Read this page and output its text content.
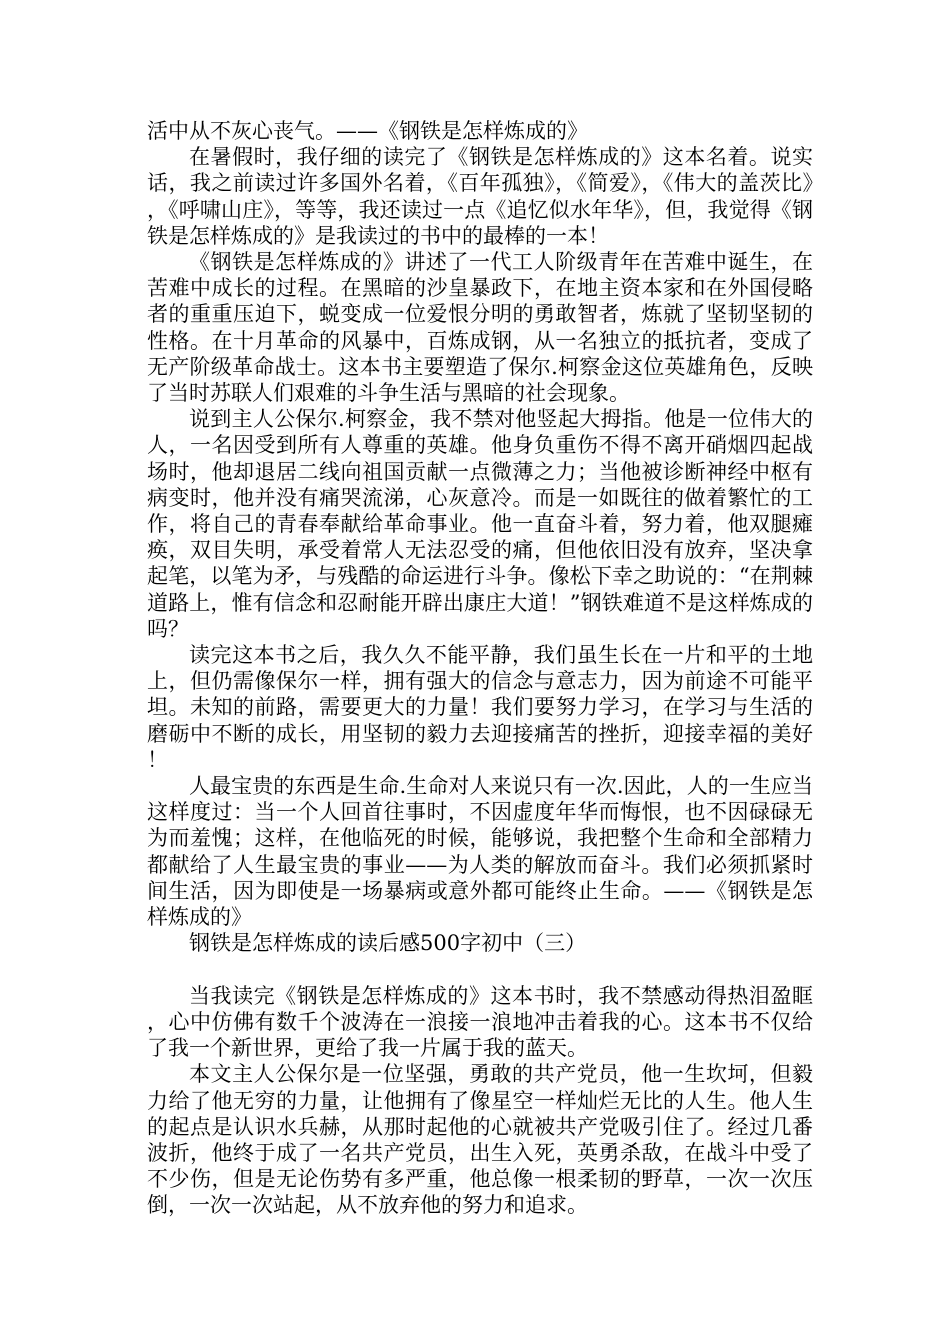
活中从不灰心丧气。——《钢铁是怎样炼成的》

在暑假时，我仔细的读完了《钢铁是怎样炼成的》这本名着。说实话，我之前读过许多国外名着，《百年孤独》，《简爱》，《伟大的盖茨比》，《呼啸山庄》，等等，我还读过一点《追忆似水年华》，但，我觉得《钢铁是怎样炼成的》是我读过的书中的最棒的一本！

《钢铁是怎样炼成的》讲述了一代工人阶级青年在苦难中诞生，在苦难中成长的过程。在黑暗的沙皇暴政下，在地主资本家和在外国侵略者的重重压迫下，蜕变成一位爱恨分明的勇敢智者，炼就了坚韧坚韧的性格。在十月革命的风暴中，百炼成钢，从一名独立的抵抗者，变成了无产阶级革命战士。这本书主要塑造了保尔.柯察金这位英雄角色，反映了当时苏联人们艰难的斗争生活与黑暗的社会现象。

说到主人公保尔.柯察金，我不禁对他竖起大拇指。他是一位伟大的人，一名因受到所有人尊重的英雄。他身负重伤不得不离开硝烟四起战场时，他却退居二线向祖国贡献一点微薄之力；当他被诊断神经中枢有病变时，他并没有痛哭流涕，心灰意冷。而是一如既往的做着繁忙的工作，将自己的青春奉献给革命事业。他一直奋斗着，努力着，他双腿瘫痪，双目失明，承受着常人无法忍受的痛，但他依旧没有放弃，坚决拿起笔，以笔为矛，与残酷的命运进行斗争。像松下幸之助说的：“在荆棘道路上，惟有信念和忍耐能开辟出康庄大道！”钢铁难道不是这样炼成的吗？

读完这本书之后，我久久不能平静，我们虽生长在一片和平的土地上，但仍需像保尔一样，拥有强大的信念与意志力，因为前途不可能平坦。未知的前路，需要更大的力量！我们要努力学习，在学习与生活的磨砺中不断的成长，用坚韧的毅力去迎接痛苦的挫折，迎接幸福的美好！

人最宝贵的东西是生命.生命对人来说只有一次.因此，人的一生应当这样度过：当一个人回首往事时，不因虚度年华而悔恨，也不因碌碌无为而羞愧；这样，在他临死的时候，能够说，我把整个生命和全部精力都献给了人生最宝贵的事业——为人类的解放而奋斗。我们必须抓紧时间生活，因为即使是一场暴病或意外都可能终止生命。——《钢铁是怎样炼成的》

钢铁是怎样炼成的读后感500字初中（三）

当我读完《钢铁是怎样炼成的》这本书时，我不禁感动得热泪盈眶，心中仿佛有数千个波涛在一浪接一浪地冲击着我的心。这本书不仅给了我一个新世界，更给了我一片属于我的蓝天。

本文主人公保尔是一位坚强，勇敢的共产党员，他一生坎坷，但毅力给了他无穷的力量，让他拥有了像星空一样灿烂无比的人生。他人生的起点是认识水兵赫，从那时起他的心就被共产党吸引住了。经过几番波折，他终于成了一名共产党员，出生入死，英勇杀敌，在战斗中受了不少伤，但是无论伤势有多严重，他总像一根柔韧的野草，一次一次压倒，一次一次站起，从不放弃他的努力和追求。
